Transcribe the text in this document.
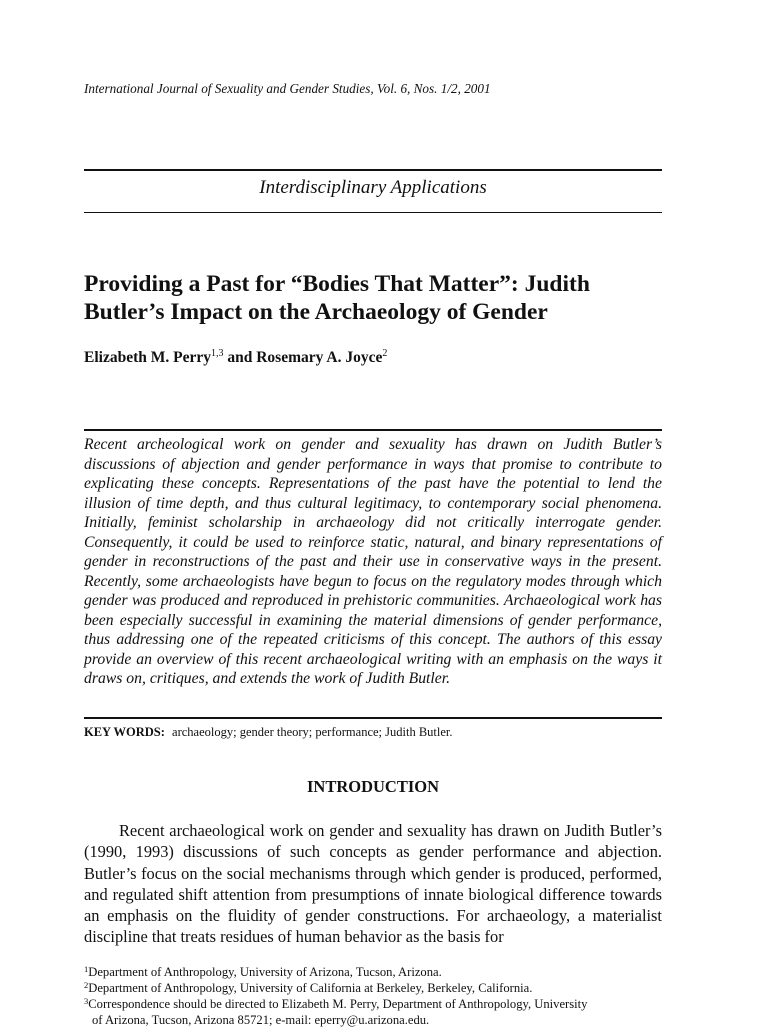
International Journal of Sexuality and Gender Studies, Vol. 6, Nos. 1/2, 2001
Interdisciplinary Applications
Providing a Past for “Bodies That Matter”: Judith Butler’s Impact on the Archaeology of Gender
Elizabeth M. Perry$^{1,3}$ and Rosemary A. Joyce$^2$

Recent archeological work on gender and sexuality has drawn on Judith Butler’s discussions of abjection and gender performance in ways that promise to contribute to explicating these concepts. Representations of the past have the potential to lend the illusion of time depth, and thus cultural legitimacy, to contemporary social phenomena. Initially, feminist scholarship in archaeology did not critically interrogate gender. Consequently, it could be used to reinforce static, natural, and binary representations of gender in reconstructions of the past and their use in conservative ways in the present. Recently, some archaeologists have begun to focus on the regulatory modes through which gender was produced and reproduced in prehistoric communities. Archaeological work has been especially successful in examining the material dimensions of gender performance, thus addressing one of the repeated criticisms of this concept. The authors of this essay provide an overview of this recent archaeological writing with an emphasis on the ways it draws on, critiques, and extends the work of Judith Butler.

KEY WORDS: archaeology; gender theory; performance; Judith Butler.
INTRODUCTION

Recent archaeological work on gender and sexuality has drawn on Judith Butler’s (1990, 1993) discussions of such concepts as gender performance and abjection. Butler’s focus on the social mechanisms through which gender is produced, performed, and regulated shift attention from presumptions of innate biological difference towards an emphasis on the fluidity of gender constructions. For archaeology, a materialist discipline that treats residues of human behavior as the basis for

$^1$Department of Anthropology, University of Arizona, Tucson, Arizona.
$^2$Department of Anthropology, University of California at Berkeley, Berkeley, California.
$^3$Correspondence should be directed to Elizabeth M. Perry, Department of Anthropology, University
of Arizona, Tucson, Arizona 85721; e-mail: eperry@u.arizona.edu.
